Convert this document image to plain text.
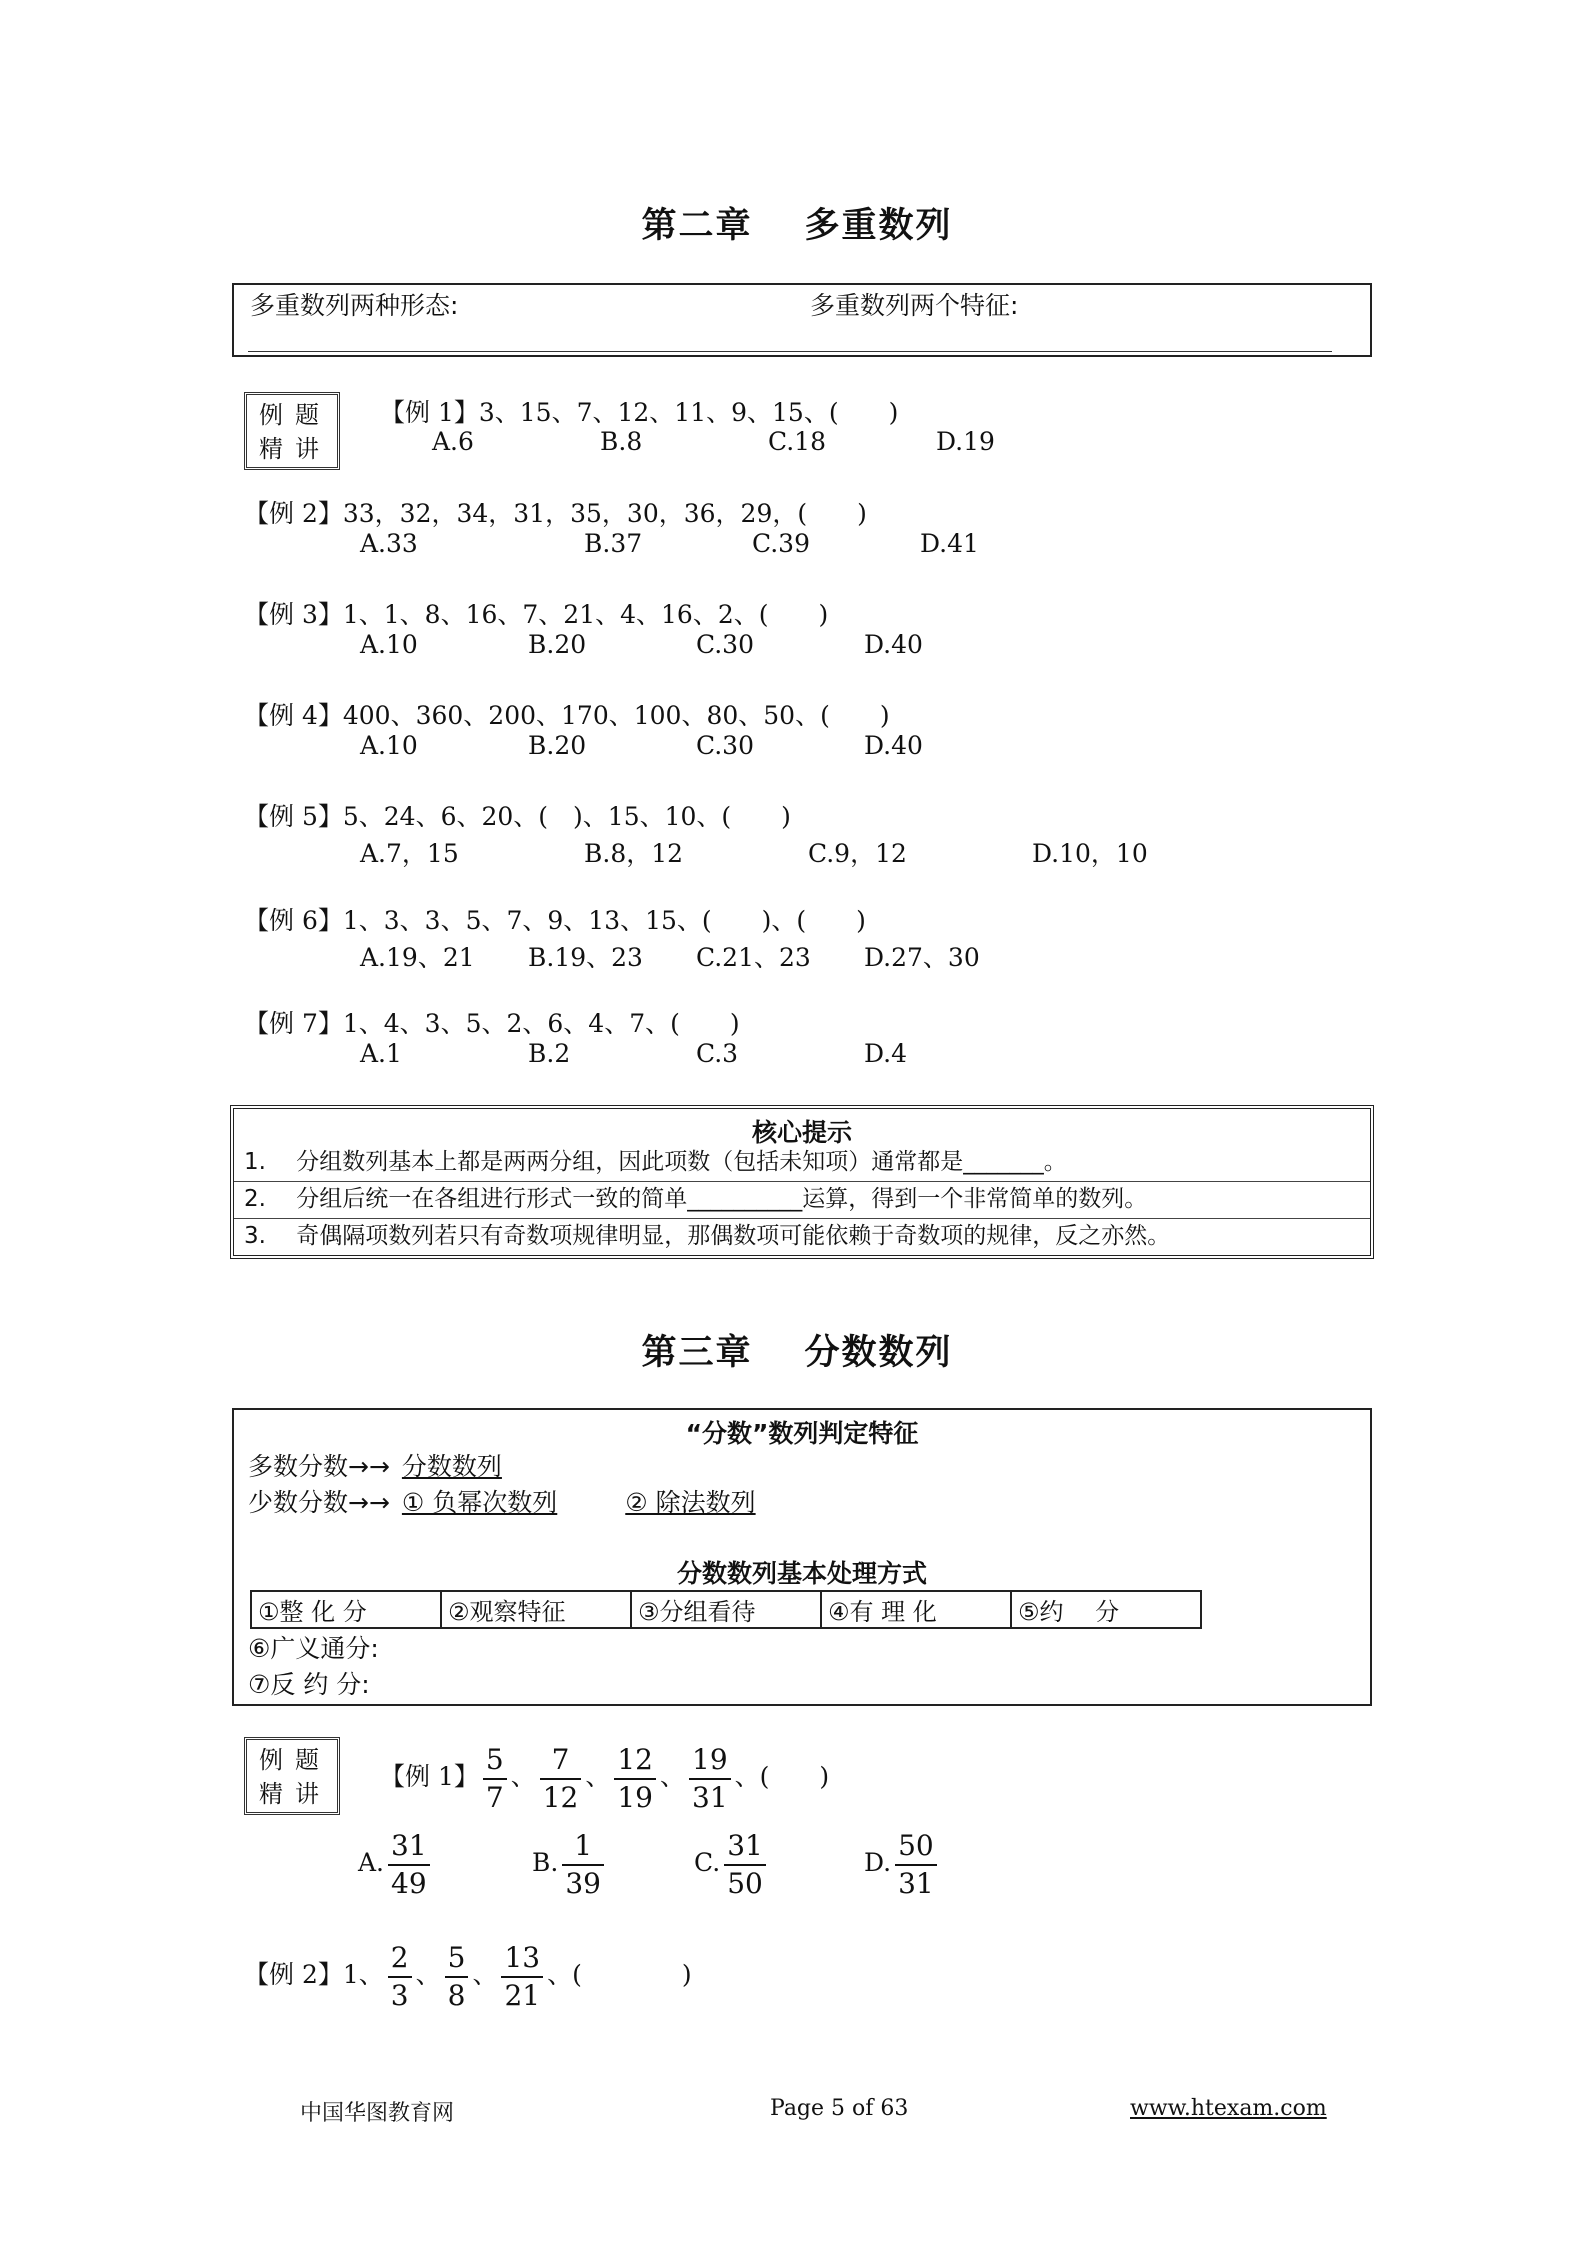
第二章 多重数列
多重数列两种形态:	多重数列两个特征:
例题
精讲
【例 1】3、15、7、12、11、9、15、(　　)
A.6	B.8	C.18	D.19
【例 2】33，32，34，31，35，30，36，29，(　　)
A.33	B.37	C.39	D.41
【例 3】1、1、8、16、7、21、4、16、2、(　　)
A.10	B.20	C.30	D.40
【例 4】400、360、200、170、100、80、50、(　　)
A.10	B.20	C.30	D.40
【例 5】5、24、6、20、(　)、15、10、(　　)
A.7，15	B.8，12	C.9，12	D.10，10
【例 6】1、3、3、5、7、9、13、15、(　　)、(　　)
A.19、21 B.19、23 C.21、23 D.27、30
【例 7】1、4、3、5、2、6、4、7、(　　)
A.1	B.2	C.3	D.4
核心提示
1.　 分组数列基本上都是两两分组，因此项数（包括未知项）通常都是_______。
2.　 分组后统一在各组进行形式一致的简单__________运算，得到一个非常简单的数列。
3.　 奇偶隔项数列若只有奇数项规律明显，那偶数项可能依赖于奇数项的规律，反之亦然。
第三章 分数数列
“分数”数列判定特征
多数分数→→ 分数数列
少数分数→→ ① 负幂次数列	② 除法数列
分数数列基本处理方式
①整 化 分	②观察特征	③分组看待	④有 理 化	⑤约　 分
⑥广义通分:
⑦反 约 分:
例题
精讲
【例 1】 $\frac{5}{7}$ 、 $\frac{7}{12}$ 、 $\frac{12}{19}$ 、 $\frac{19}{31}$ 、(　　)
A. $\frac{31}{49}$	B. $\frac{1}{39}$	C. $\frac{31}{50}$	D. $\frac{50}{31}$
【例 2】1、 $\frac{2}{3}$ 、 $\frac{5}{8}$ 、 $\frac{13}{21}$ 、(　　　　)
中国华图教育网	Page 5 of 63	www.htexam.com
